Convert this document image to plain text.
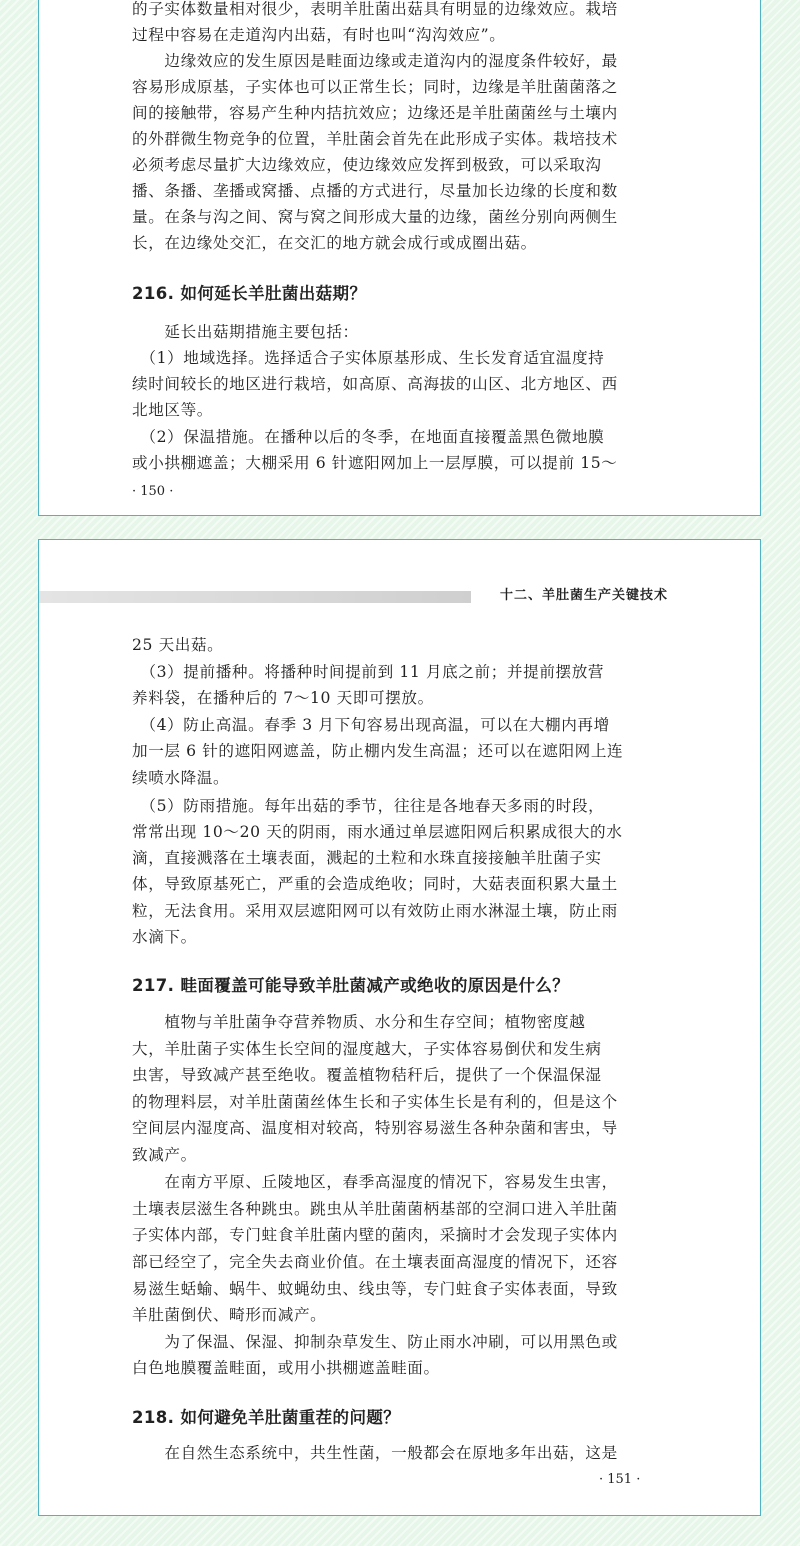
的子实体数量相对很少，表明羊肚菌出菇具有明显的边缘效应。栽培
过程中容易在走道沟内出菇，有时也叫“沟沟效应”。
　　边缘效应的发生原因是畦面边缘或走道沟内的湿度条件较好，最
容易形成原基，子实体也可以正常生长；同时，边缘是羊肚菌菌落之
间的接触带，容易产生种内拮抗效应；边缘还是羊肚菌菌丝与土壤内
的外群微生物竞争的位置，羊肚菌会首先在此形成子实体。栽培技术
必须考虑尽量扩大边缘效应，使边缘效应发挥到极致，可以采取沟
播、条播、垄播或窝播、点播的方式进行，尽量加长边缘的长度和数
量。在条与沟之间、窝与窝之间形成大量的边缘，菌丝分别向两侧生
长，在边缘处交汇，在交汇的地方就会成行或成圈出菇。
216. 如何延长羊肚菌出菇期？
　　延长出菇期措施主要包括：
　（1）地域选择。选择适合子实体原基形成、生长发育适宜温度持
续时间较长的地区进行栽培，如高原、高海拔的山区、北方地区、西
北地区等。
　（2）保温措施。在播种以后的冬季，在地面直接覆盖黑色微地膜
或小拱棚遮盖；大棚采用 6 针遮阳网加上一层厚膜，可以提前 15～
· 150 ·
十二、羊肚菌生产关键技术
25 天出菇。
　（3）提前播种。将播种时间提前到 11 月底之前；并提前摆放营
养料袋，在播种后的 7～10 天即可摆放。
　（4）防止高温。春季 3 月下旬容易出现高温，可以在大棚内再增
加一层 6 针的遮阳网遮盖，防止棚内发生高温；还可以在遮阳网上连
续喷水降温。
　（5）防雨措施。每年出菇的季节，往往是各地春天多雨的时段，
常常出现 10～20 天的阴雨，雨水通过单层遮阳网后积累成很大的水
滴，直接溅落在土壤表面，溅起的土粒和水珠直接接触羊肚菌子实
体，导致原基死亡，严重的会造成绝收；同时，大菇表面积累大量土
粒，无法食用。采用双层遮阳网可以有效防止雨水淋湿土壤，防止雨
水滴下。
217. 畦面覆盖可能导致羊肚菌减产或绝收的原因是什么？
　　植物与羊肚菌争夺营养物质、水分和生存空间；植物密度越
大，羊肚菌子实体生长空间的湿度越大，子实体容易倒伏和发生病
虫害，导致减产甚至绝收。覆盖植物秸秆后，提供了一个保温保湿
的物理料层，对羊肚菌菌丝体生长和子实体生长是有利的，但是这个
空间层内湿度高、温度相对较高，特别容易滋生各种杂菌和害虫，导
致减产。
　　在南方平原、丘陵地区，春季高湿度的情况下，容易发生虫害，
土壤表层滋生各种跳虫。跳虫从羊肚菌菌柄基部的空洞口进入羊肚菌
子实体内部，专门蛀食羊肚菌内壁的菌肉，采摘时才会发现子实体内
部已经空了，完全失去商业价值。在土壤表面高湿度的情况下，还容
易滋生蛞蝓、蜗牛、蚊蝇幼虫、线虫等，专门蛀食子实体表面，导致
羊肚菌倒伏、畸形而减产。
　　为了保温、保湿、抑制杂草发生、防止雨水冲刷，可以用黑色或
白色地膜覆盖畦面，或用小拱棚遮盖畦面。
218. 如何避免羊肚菌重茬的问题？
　　在自然生态系统中，共生性菌，一般都会在原地多年出菇，这是
· 151 ·
